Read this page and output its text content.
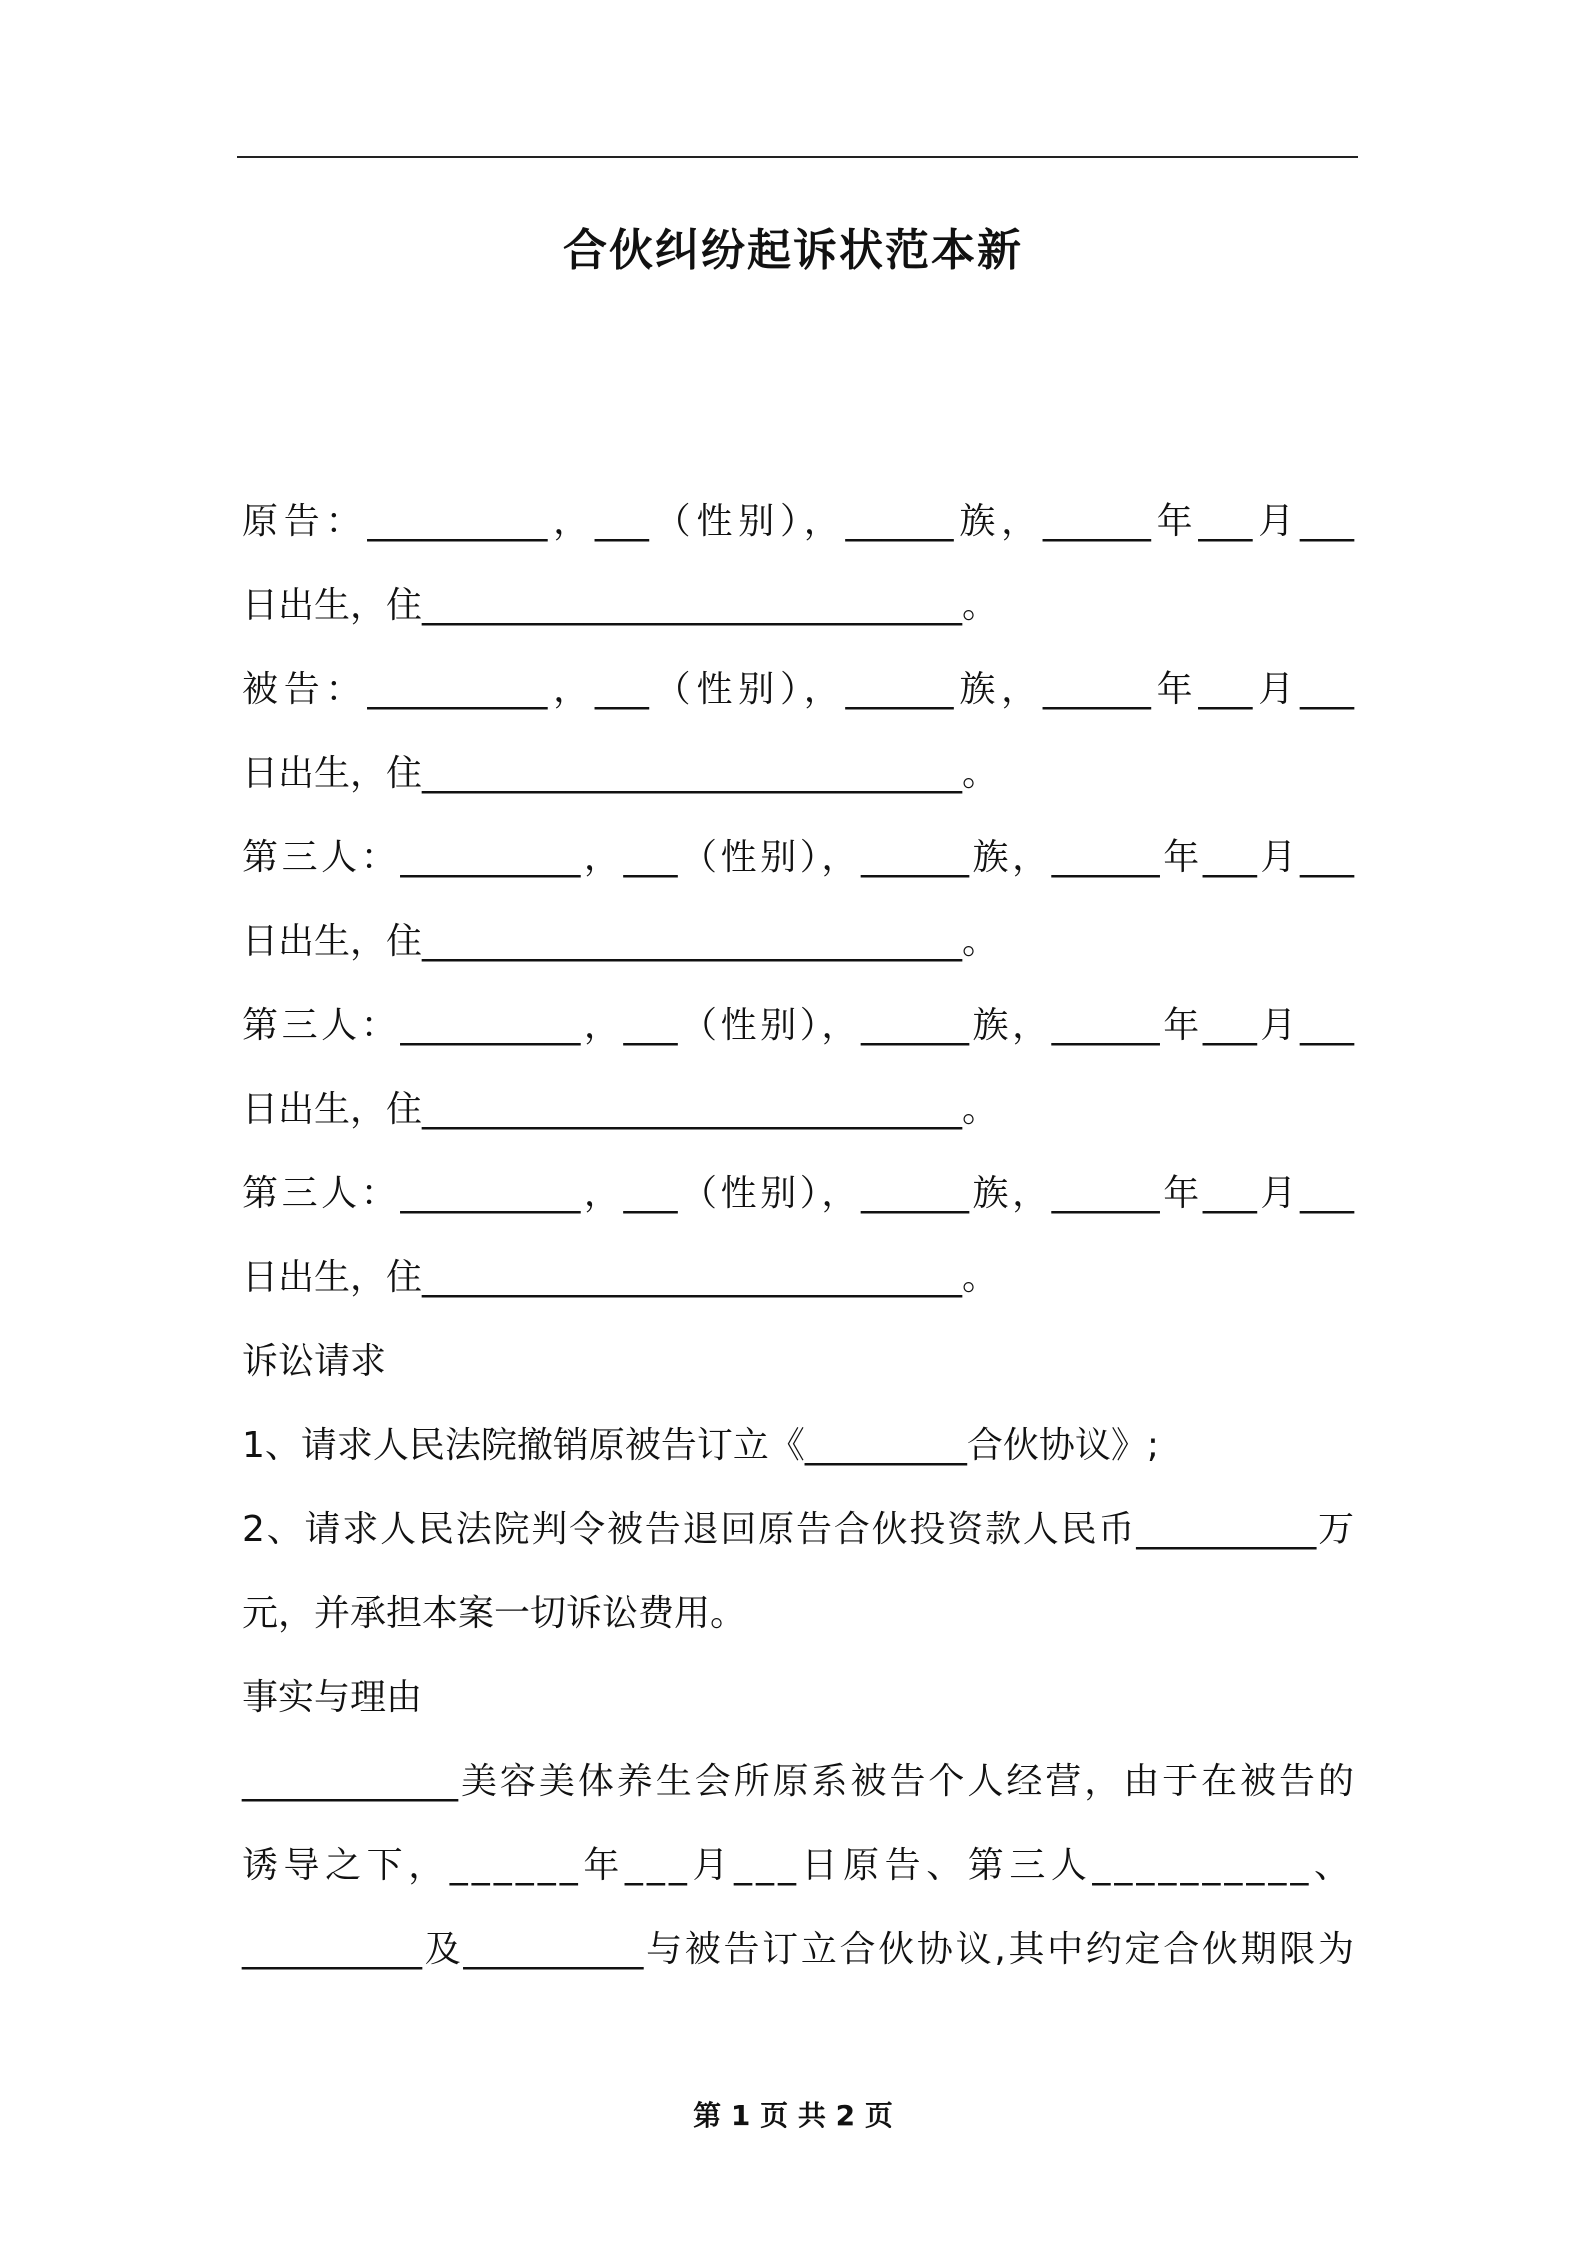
合伙纠纷起诉状范本新
原告：__________，___（性别），______族，______年___月___
日出生，住______________________________。
被告：__________，___（性别），______族，______年___月___
日出生，住______________________________。
第三人：__________，___（性别），______族，______年___月___
日出生，住______________________________。
第三人：__________，___（性别），______族，______年___月___
日出生，住______________________________。
第三人：__________，___（性别），______族，______年___月___
日出生，住______________________________。
诉讼请求
1、请求人民法院撤销原被告订立《_________合伙协议》;
2、请求人民法院判令被告退回原告合伙投资款人民币__________万
元，并承担本案一切诉讼费用。
事实与理由
____________美容美体养生会所原系被告个人经营，由于在被告的
诱导之下，______年___月___日原告、第三人__________、
__________及__________与被告订立合伙协议,其中约定合伙期限为
第 1 页 共 2 页
